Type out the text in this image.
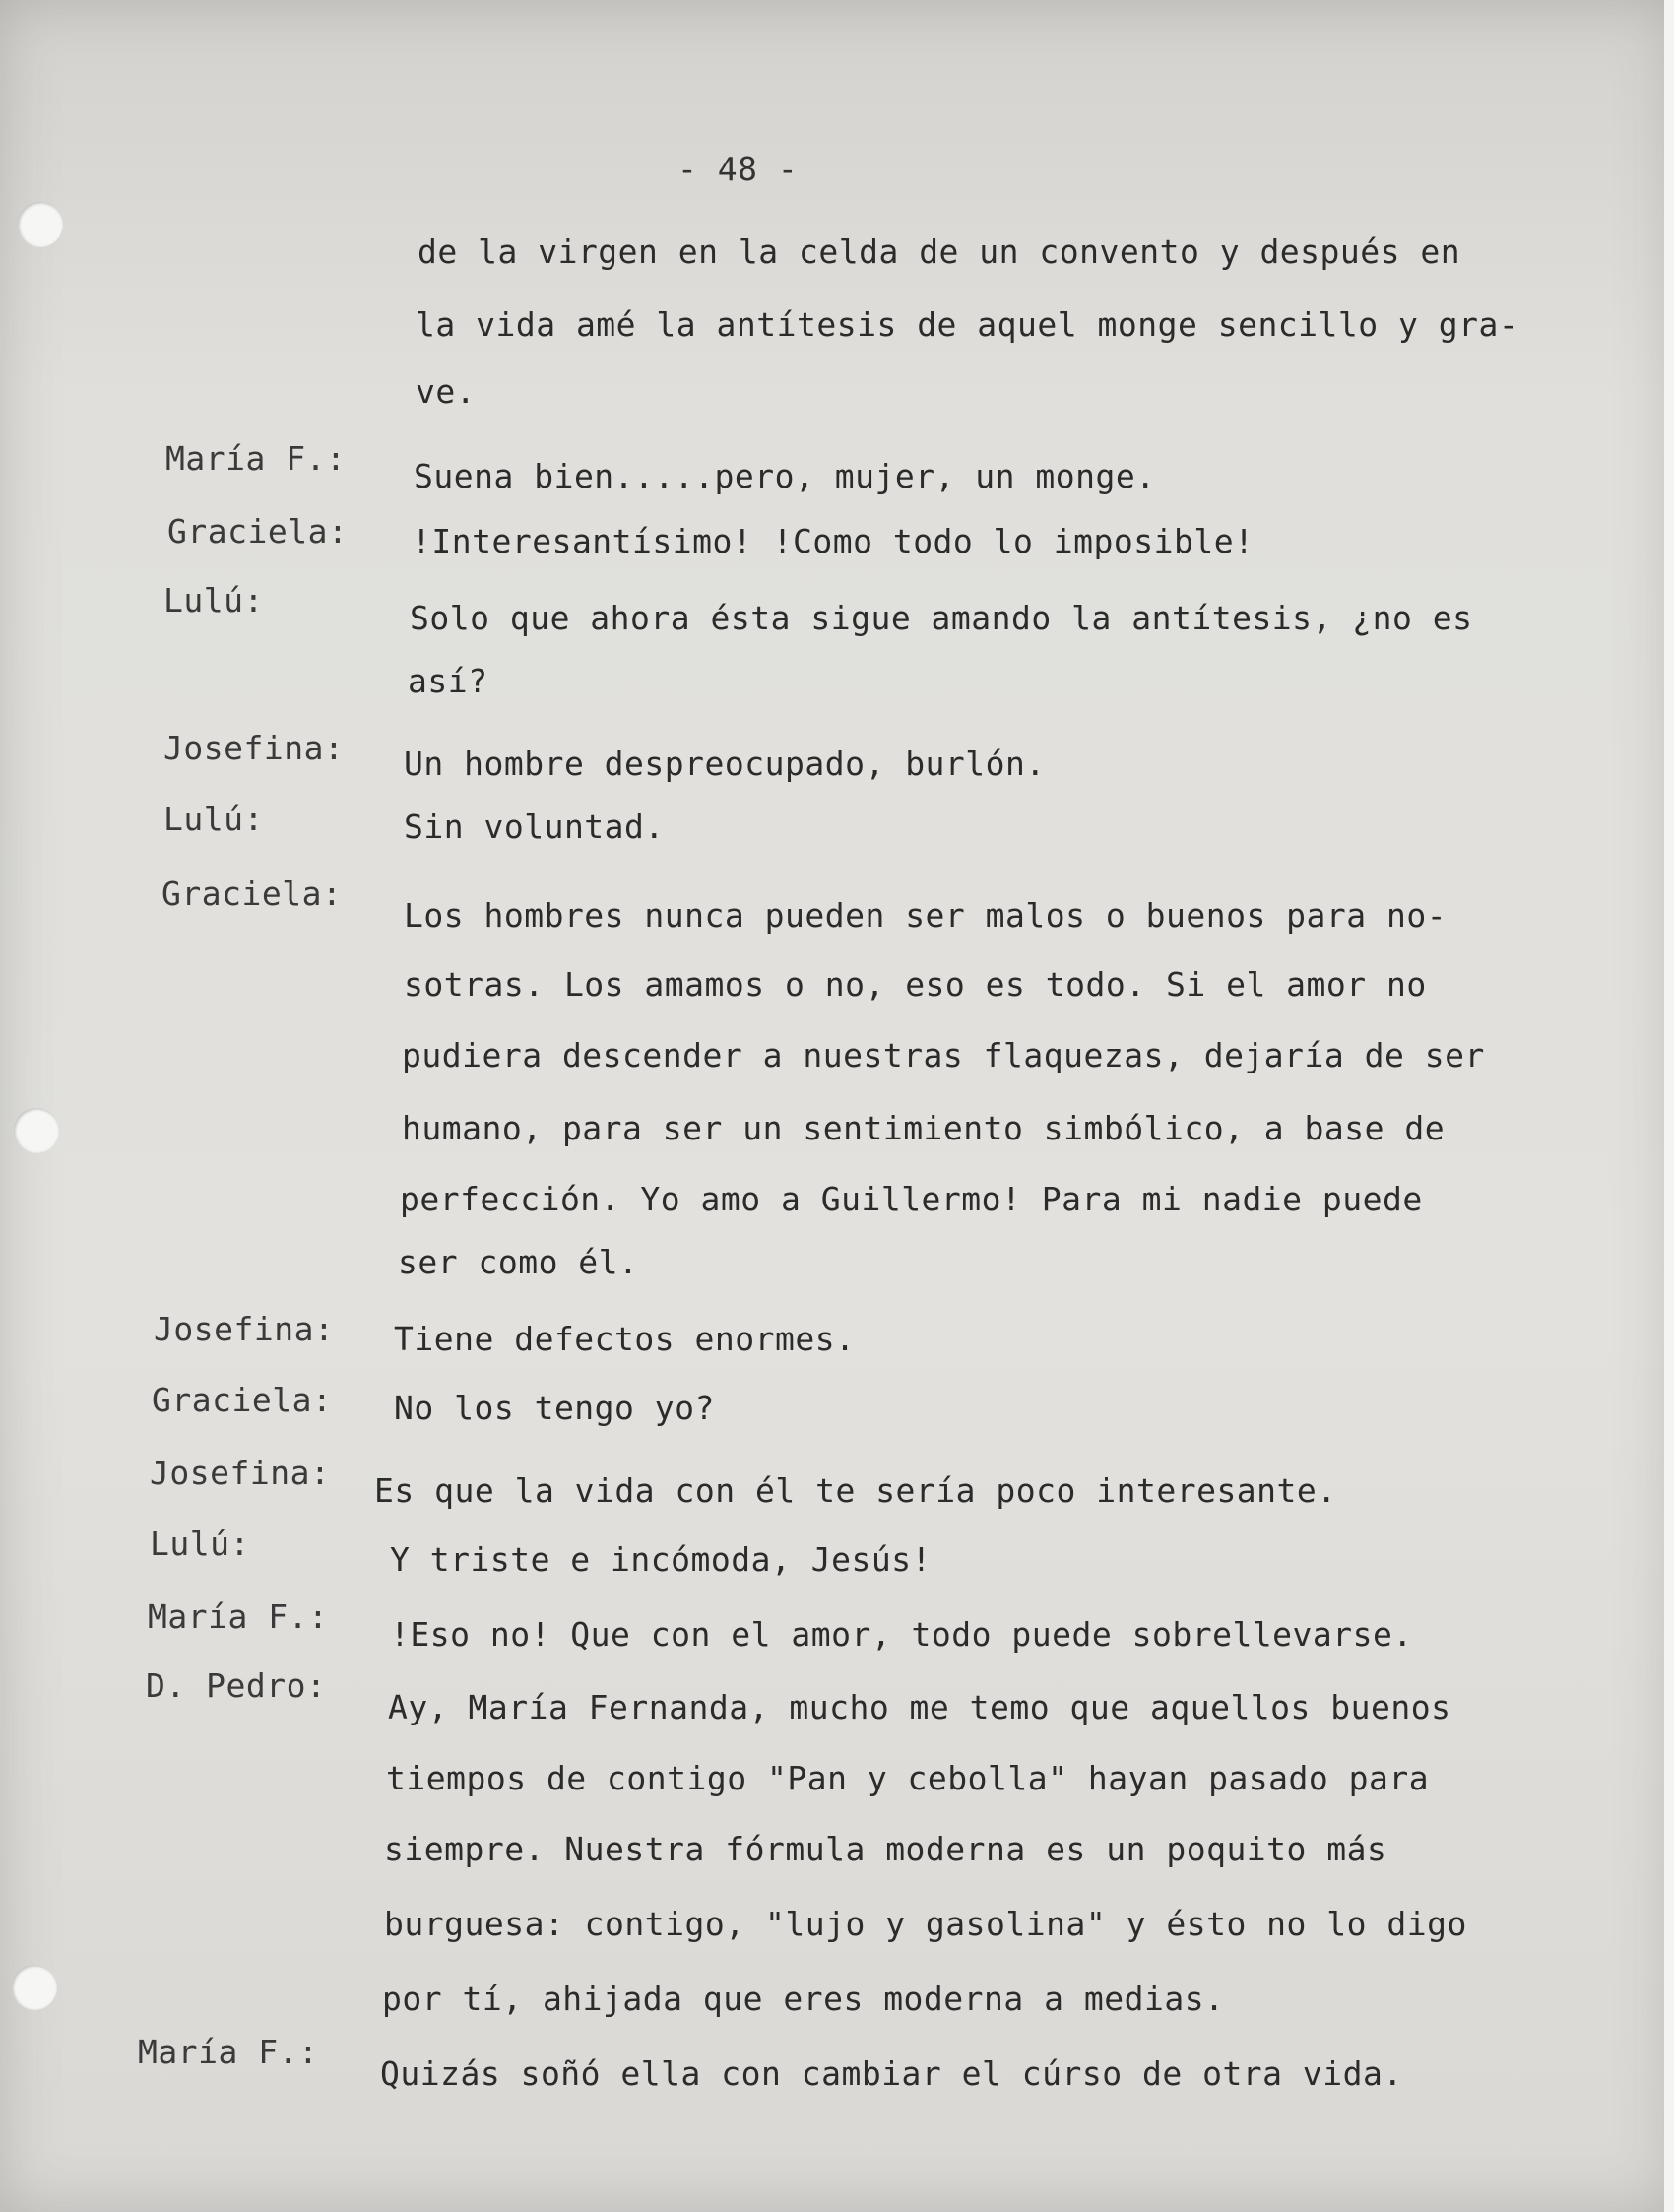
- 48 -
de la virgen en la celda de un convento y después en
la vida amé la antítesis de aquel monge sencillo y gra-
ve.
María F.: Suena bien.....pero, mujer, un monge.
Graciela: !Interesantísimo! !Como todo lo imposible!
Lulú:	Solo que ahora ésta sigue amando la antítesis, ¿no es
así?
Josefina: Un hombre despreocupado, burlón.
Lulú:	Sin voluntad.
Graciela:
Los hombres nunca pueden ser malos o buenos para no-
sotras. Los amamos o no, eso es todo. Si el amor no
pudiera descender a nuestras flaquezas, dejaría de ser
humano, para ser un sentimiento simbólico, a base de
perfección. Yo amo a Guillermo! Para mi nadie puede
ser como él.
Josefina: Tiene defectos enormes.
Graciela: No los tengo yo?
Josefina: Es que la vida con él te sería poco interesante.
Lulú:	Y triste e incómoda, Jesús!
María F.: !Eso no! Que con el amor, todo puede sobrellevarse.
D. Pedro:
Ay, María Fernanda, mucho me temo que aquellos buenos
tiempos de contigo "Pan y cebolla" hayan pasado para
siempre. Nuestra fórmula moderna es un poquito más
burguesa: contigo, "lujo y gasolina" y ésto no lo digo
por tí, ahijada que eres moderna a medias.
María F.:
Quizás soñó ella con cambiar el cúrso de otra vida.
